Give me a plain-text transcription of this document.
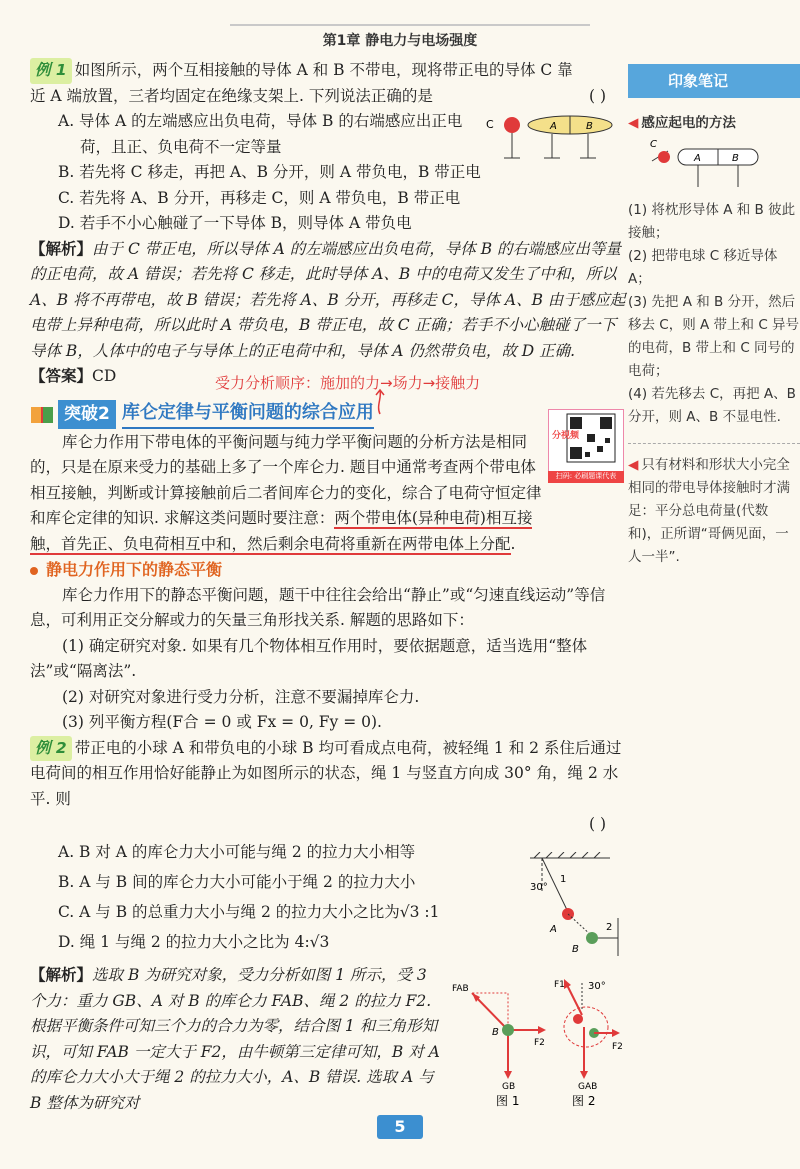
第1章 静电力与电场强度

例 1 如图所示，两个互相接触的导体 A 和 B 不带电，现将带正电的导体 C 靠

近 A 端放置，三者均固定在绝缘支架上. 下列说法正确的是	( )

A. 导体 A 的左端感应出负电荷，导体 B 的右端感应出正电

荷，且正、负电荷不一定等量

B. 若先将 C 移走，再把 A、B 分开，则 A 带负电，B 带正电

C. 若先将 A、B 分开，再移走 C，则 A 带负电，B 带正电

D. 若手不小心触碰了一下导体 B，则导体 A 带负电

【解析】由于 C 带正电，所以导体 A 的左端感应出负电荷，导体 B 的右端感应出等量的正电荷，故 A 错误；若先将 C 移走，此时导体 A、B 中的电荷又发生了中和，所以 A、B 将不再带电，故 B 错误；若先将 A、B 分开，再移走 C，导体 A、B 由于感应起电带上异种电荷，所以此时 A 带负电，B 带正电，故 C 正确；若手不小心触碰了一下导体 B，人体中的电子与导体上的正电荷中和，导体 A 仍然带负电，故 D 正确.

【答案】CD

突破2 库仑定律与平衡问题的综合应用

库仑力作用下带电体的平衡问题与纯力学平衡问题的分析方法是相同的，只是在原来受力的基础上多了一个库仑力. 题目中通常考查两个带电体相互接触，判断或计算接触前后二者间库仑力的变化，综合了电荷守恒定律和库仑定律的知识. 求解这类问题时要注意：两个带电体(异种电荷)相互接触，首先正、负电荷相互中和，然后剩余电荷将重新在两带电体上分配.

静电力作用下的静态平衡

库仑力作用下的静态平衡问题，题干中往往会给出“静止”或“匀速直线运动”等信息，可利用正交分解或力的矢量三角形找关系. 解题的思路如下：

(1) 确定研究对象. 如果有几个物体相互作用时，要依据题意，适当选用“整体法”或“隔离法”.

(2) 对研究对象进行受力分析，注意不要漏掉库仑力.

(3) 列平衡方程(F合 = 0 或 Fx = 0, Fy = 0).

例 2 带正电的小球 A 和带负电的小球 B 均可看成点电荷，被轻绳 1 和 2 系住后通过电荷间的相互作用恰好能静止为如图所示的状态，绳 1 与竖直方向成 30° 角，绳 2 水平. 则

( )

A. B 对 A 的库仑力大小可能与绳 2 的拉力大小相等

B. A 与 B 间的库仑力大小可能小于绳 2 的拉力大小

C. A 与 B 的总重力大小与绳 2 的拉力大小之比为√3 :1

D. 绳 1 与绳 2 的拉力大小之比为 4:√3

【解析】选取 B 为研究对象，受力分析如图 1 所示，受 3 个力：重力 GB、A 对 B 的库仑力 FAB、绳 2 的拉力 F2. 根据平衡条件可知三个力的合力为零，结合图 1 和三角形知识，可知 FAB 一定大于 F2，由牛顿第三定律可知，B 对 A 的库仑力大小大于绳 2 的拉力大小，A、B 错误. 选取 A 与 B 整体为研究对

C	A	B
受力分析顺序：施加的力→场力→接触力
分视频
扫码: 必刷题课代表
30°
1
A
B
2
FAB
F2
GB
B
图 1
F1 30°
F2
GAB
图 2
印象笔记
◀ 感应起电的方法
C
A	B

(1) 将枕形导体 A 和 B 彼此接触；

(2) 把带电球 C 移近导体 A；

(3) 先把 A 和 B 分开，然后移去 C，则 A 带上和 C 异号的电荷，B 带上和 C 同号的电荷；

(4) 若先移去 C，再把 A、B 分开，则 A、B 不显电性.

◀ 只有材料和形状大小完全相同的带电导体接触时才满足：平分总电荷量(代数和)，正所谓“哥俩见面，一人一半”.

5
